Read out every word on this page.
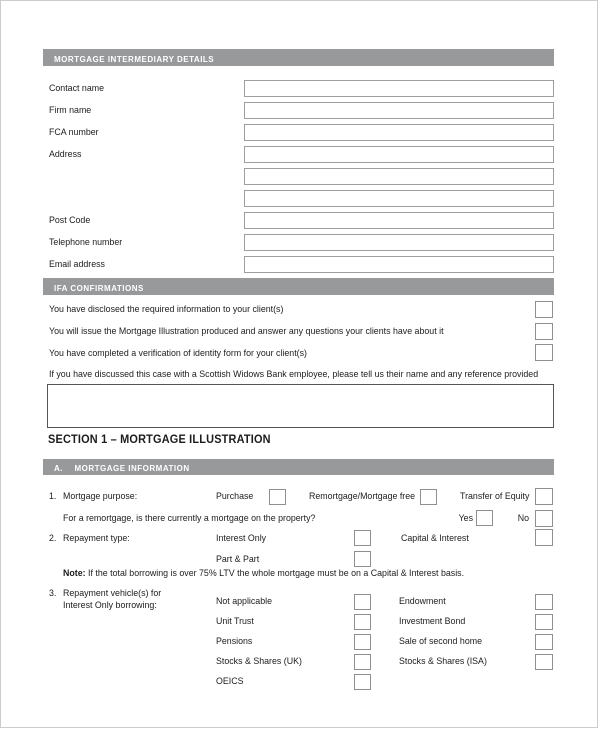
MORTGAGE INTERMEDIARY DETAILS
Contact name
Firm name
FCA number
Address
Post Code
Telephone number
Email address
IFA CONFIRMATIONS
You have disclosed the required information to your client(s)
You will issue the Mortgage Illustration produced and answer any questions your clients have about it
You have completed a verification of identity form for your client(s)
If you have discussed this case with a Scottish Widows Bank employee, please tell us their name and any reference provided
SECTION 1 – MORTGAGE ILLUSTRATION
A. MORTGAGE INFORMATION
1. Mortgage purpose:	Purchase	Remortgage/Mortgage free	Transfer of Equity
For a remortgage, is there currently a mortgage on the property?	Yes	No
2. Repayment type:	Interest Only	Capital & Interest
Part & Part
Note: If the total borrowing is over 75% LTV the whole mortgage must be on a Capital & Interest basis.
3. Repayment vehicle(s) for
Interest Only borrowing:	Not applicable	Endowment
Unit Trust	Investment Bond
Pensions	Sale of second home
Stocks & Shares (UK)	Stocks & Shares (ISA)
OEICS
